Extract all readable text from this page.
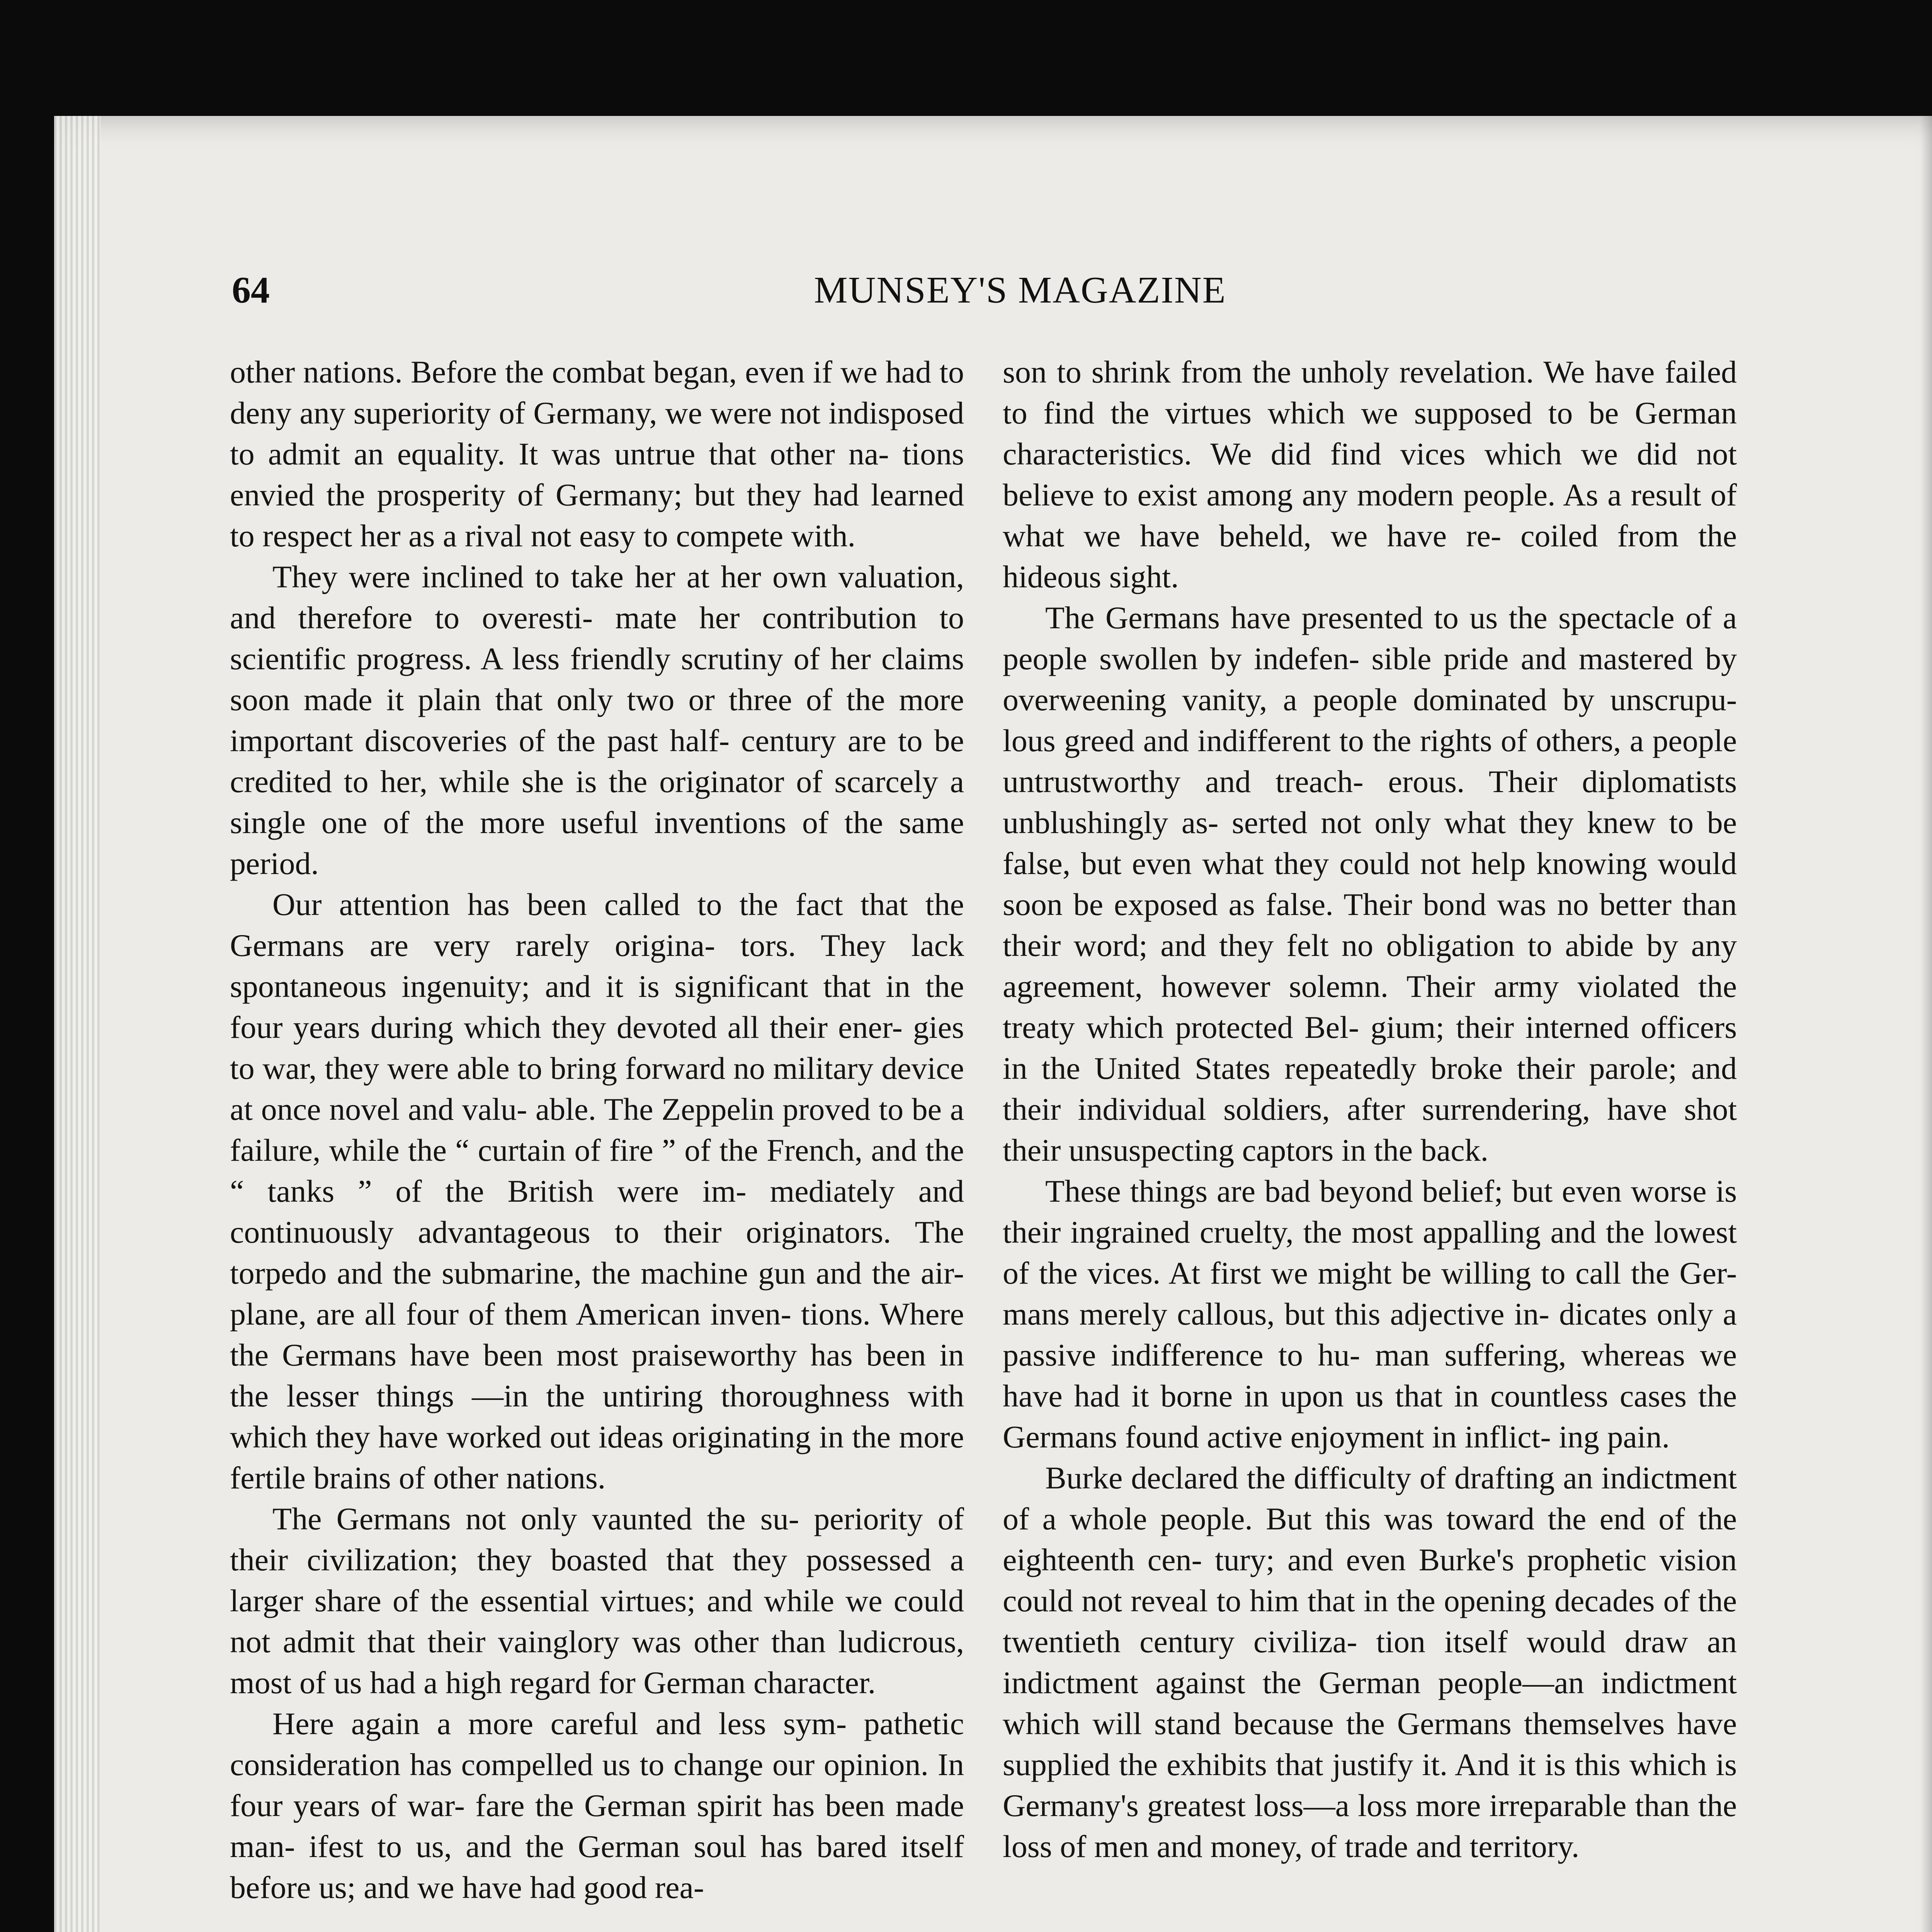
64	MUNSEY'S MAGAZINE

other nations. Before the combat began, even if we had to deny any superiority of Germany, we were not indisposed to admit an equality. It was untrue that other na- tions envied the prosperity of Germany; but they had learned to respect her as a rival not easy to compete with.

They were inclined to take her at her own valuation, and therefore to overesti- mate her contribution to scientific progress. A less friendly scrutiny of her claims soon made it plain that only two or three of the more important discoveries of the past half- century are to be credited to her, while she is the originator of scarcely a single one of the more useful inventions of the same period.

Our attention has been called to the fact that the Germans are very rarely origina- tors. They lack spontaneous ingenuity; and it is significant that in the four years during which they devoted all their ener- gies to war, they were able to bring forward no military device at once novel and valu- able. The Zeppelin proved to be a failure, while the “ curtain of fire ” of the French, and the “ tanks ” of the British were im- mediately and continuously advantageous to their originators. The torpedo and the submarine, the machine gun and the air- plane, are all four of them American inven- tions. Where the Germans have been most praiseworthy has been in the lesser things —in the untiring thoroughness with which they have worked out ideas originating in the more fertile brains of other nations.

The Germans not only vaunted the su- periority of their civilization; they boasted that they possessed a larger share of the essential virtues; and while we could not admit that their vainglory was other than ludicrous, most of us had a high regard for German character.

Here again a more careful and less sym- pathetic consideration has compelled us to change our opinion. In four years of war- fare the German spirit has been made man- ifest to us, and the German soul has bared itself before us; and we have had good rea-

son to shrink from the unholy revelation. We have failed to find the virtues which we supposed to be German characteristics. We did find vices which we did not believe to exist among any modern people. As a result of what we have beheld, we have re- coiled from the hideous sight.

The Germans have presented to us the spectacle of a people swollen by indefen- sible pride and mastered by overweening vanity, a people dominated by unscrupu- lous greed and indifferent to the rights of others, a people untrustworthy and treach- erous. Their diplomatists unblushingly as- serted not only what they knew to be false, but even what they could not help knowing would soon be exposed as false. Their bond was no better than their word; and they felt no obligation to abide by any agreement, however solemn. Their army violated the treaty which protected Bel- gium; their interned officers in the United States repeatedly broke their parole; and their individual soldiers, after surrendering, have shot their unsuspecting captors in the back.

These things are bad beyond belief; but even worse is their ingrained cruelty, the most appalling and the lowest of the vices. At first we might be willing to call the Ger- mans merely callous, but this adjective in- dicates only a passive indifference to hu- man suffering, whereas we have had it borne in upon us that in countless cases the Germans found active enjoyment in inflict- ing pain.

Burke declared the difficulty of drafting an indictment of a whole people. But this was toward the end of the eighteenth cen- tury; and even Burke's prophetic vision could not reveal to him that in the opening decades of the twentieth century civiliza- tion itself would draw an indictment against the German people—an indictment which will stand because the Germans themselves have supplied the exhibits that justify it. And it is this which is Germany's greatest loss—a loss more irreparable than the loss of men and money, of trade and territory.
